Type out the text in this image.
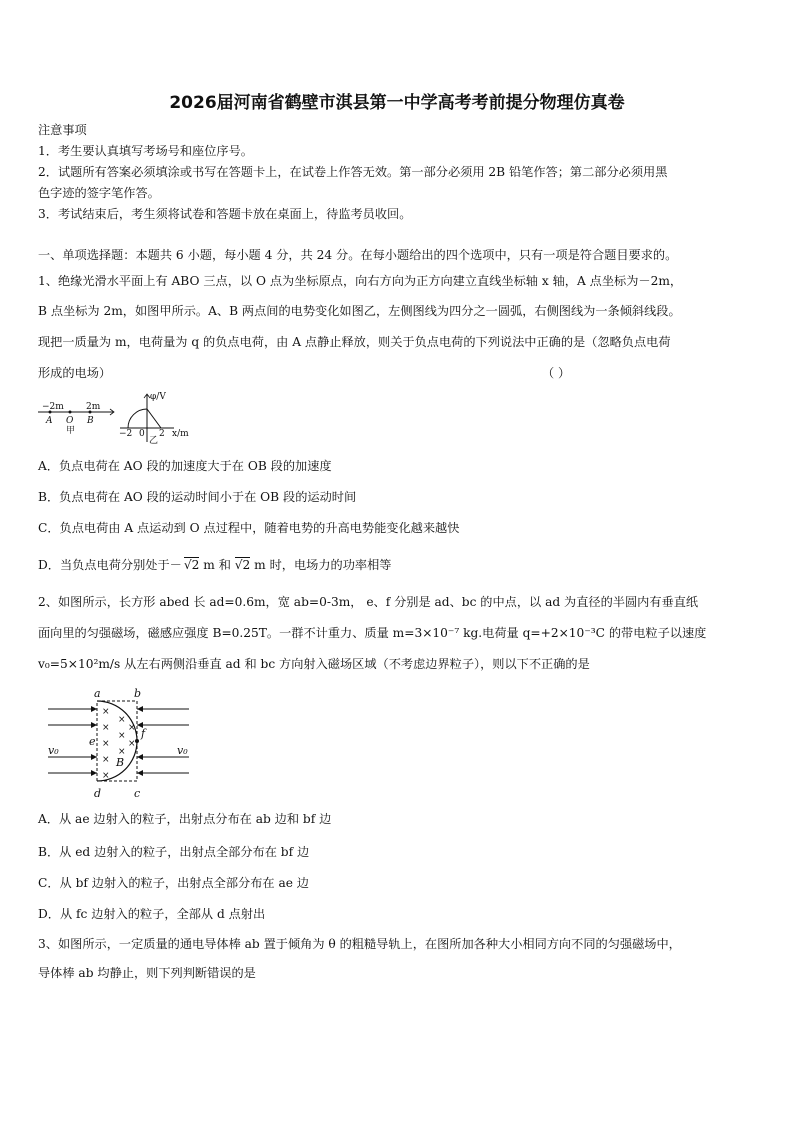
2026届河南省鹤壁市淇县第一中学高考考前提分物理仿真卷
注意事项
1．考生要认真填写考场号和座位序号。
2．试题所有答案必须填涂或书写在答题卡上，在试卷上作答无效。第一部分必须用 2B 铅笔作答；第二部分必须用黑
色字迹的签字笔作答。
3．考试结束后，考生须将试卷和答题卡放在桌面上，待监考员收回。
一、单项选择题：本题共 6 小题，每小题 4 分，共 24 分。在每小题给出的四个选项中，只有一项是符合题目要求的。
1、绝缘光滑水平面上有 ABO 三点，以 O 点为坐标原点，向右方向为正方向建立直线坐标轴 x 轴，A 点坐标为－2m，
B 点坐标为 2m，如图甲所示。A、B 两点间的电势变化如图乙，左侧图线为四分之一圆弧，右侧图线为一条倾斜线段。
现把一质量为 m，电荷量为 q 的负点电荷，由 A 点静止释放，则关于负点电荷的下列说法中正确的是（忽略负点电荷
形成的电场）	（ ）
−2m 2m
A O B
甲
φ/V
x/m
−2 0 2
乙
A．负点电荷在 AO 段的加速度大于在 OB 段的加速度
B．负点电荷在 AO 段的运动时间小于在 OB 段的运动时间
C．负点电荷由 A 点运动到 O 点过程中，随着电势的升高电势能变化越来越快
D．当负点电荷分别处于－ √2 m 和 √2 m 时，电场力的功率相等
2、如图所示，长方形 abed 长 ad=0.6m，宽 ab=0-3m， e、f 分别是 ad、bc 的中点，以 ad 为直径的半圆内有垂直纸
面向里的匀强磁场，磁感应强度 B=0.25T。一群不计重力、质量 m=3×10⁻⁷ kg.电荷量 q=+2×10⁻³C 的带电粒子以速度
v₀=5×10²m/s 从左右两侧沿垂直 ad 和 bc 方向射入磁场区域（不考虑边界粒子），则以下不正确的是
×
×
×
×
×
×
×
×
×
×
a	b
c
d
e
f
B
v₀	v₀
A．从 ae 边射入的粒子，出射点分布在 ab 边和 bf 边
B．从 ed 边射入的粒子，出射点全部分布在 bf 边
C．从 bf 边射入的粒子，出射点全部分布在 ae 边
D．从 fc 边射入的粒子，全部从 d 点射出
3、如图所示，一定质量的通电导体棒 ab 置于倾角为 θ 的粗糙导轨上，在图所加各种大小相同方向不同的匀强磁场中，
导体棒 ab 均静止，则下列判断错误的是
